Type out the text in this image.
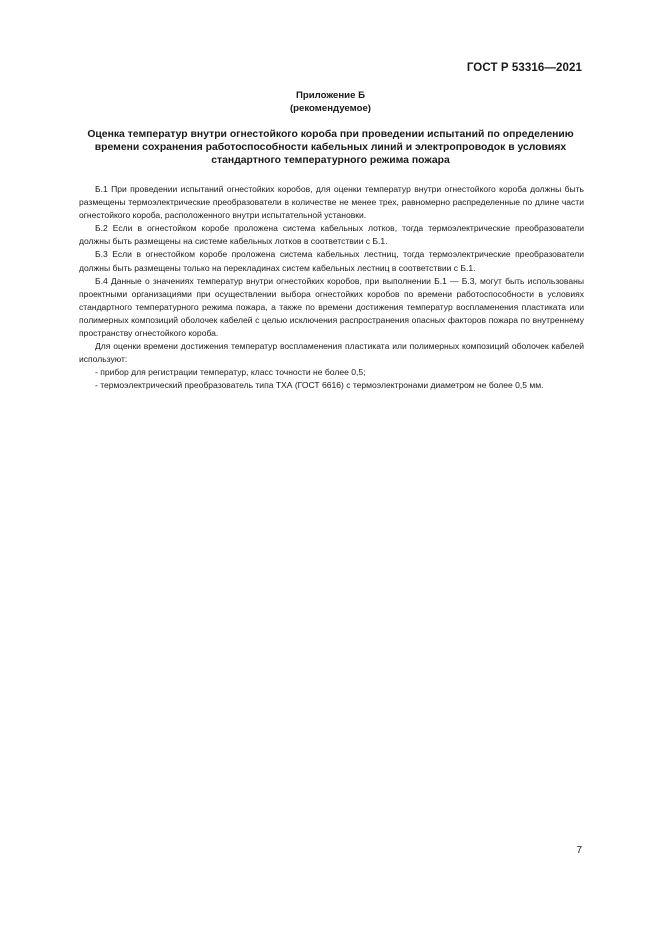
ГОСТ Р 53316—2021
Приложение Б
(рекомендуемое)
Оценка температур внутри огнестойкого короба при проведении испытаний по определению
времени сохранения работоспособности кабельных линий и электропроводок в условиях
стандартного температурного режима пожара

Б.1 При проведении испытаний огнестойких коробов, для оценки температур внутри огнестойкого короба должны быть размещены термоэлектрические преобразователи в количестве не менее трех, равномерно распределенные по длине части огнестойкого короба, расположенного внутри испытательной установки.

Б.2 Если в огнестойком коробе проложена система кабельных лотков, тогда термоэлектрические преобразователи должны быть размещены на системе кабельных лотков в соответствии с Б.1.

Б.3 Если в огнестойком коробе проложена система кабельных лестниц, тогда термоэлектрические преобразователи должны быть размещены только на перекладинах систем кабельных лестниц в соответствии с Б.1.

Б.4 Данные о значениях температур внутри огнестойких коробов, при выполнении Б.1 — Б.3, могут быть использованы проектными организациями при осуществлении выбора огнестойких коробов по времени работоспособности в условиях стандартного температурного режима пожара, а также по времени достижения температур воспламенения пластиката или полимерных композиций оболочек кабелей с целью исключения распространения опасных факторов пожара по внутреннему пространству огнестойкого короба.

Для оценки времени достижения температур воспламенения пластиката или полимерных композиций оболочек кабелей используют:

- прибор для регистрации температур, класс точности не более 0,5;

- термоэлектрический преобразователь типа ТХА (ГОСТ 6616) с термоэлектронами диаметром не более 0,5 мм.

7
